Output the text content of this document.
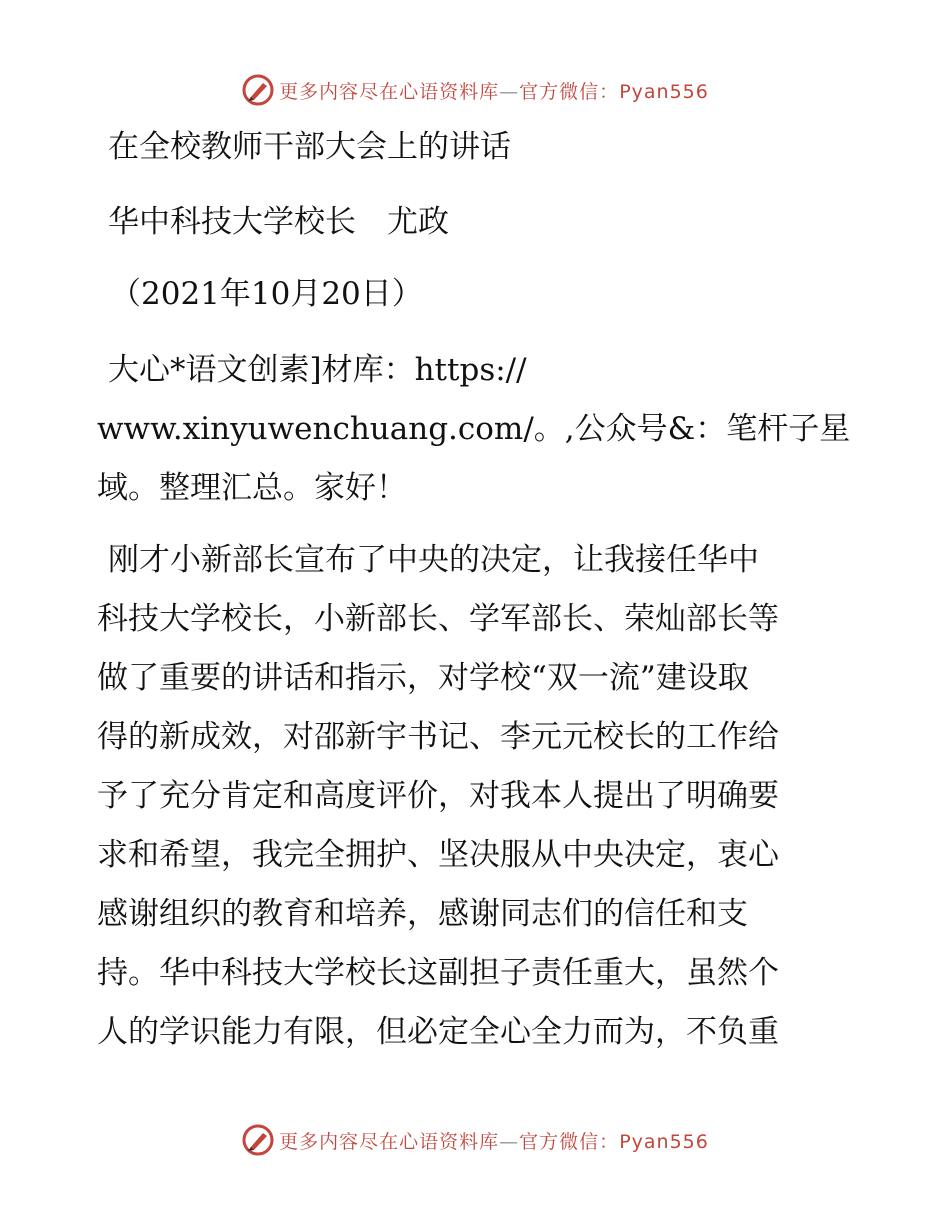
更多内容尽在心语资料库—官方微信：Pyan556
在全校教师干部大会上的讲话
华中科技大学校长　尤政
（2021年10月20日）
大心*语文创素]材库：https://
www.xinyuwenchuang.com/。,公众号&：笔杆子星
域。整理汇总。家好！
刚才小新部长宣布了中央的决定，让我接任华中
科技大学校长，小新部长、学军部长、荣灿部长等
做了重要的讲话和指示，对学校“双一流”建设取
得的新成效，对邵新宇书记、李元元校长的工作给
予了充分肯定和高度评价，对我本人提出了明确要
求和希望，我完全拥护、坚决服从中央决定，衷心
感谢组织的教育和培养，感谢同志们的信任和支
持。华中科技大学校长这副担子责任重大，虽然个
人的学识能力有限，但必定全心全力而为，不负重
更多内容尽在心语资料库—官方微信：Pyan556
